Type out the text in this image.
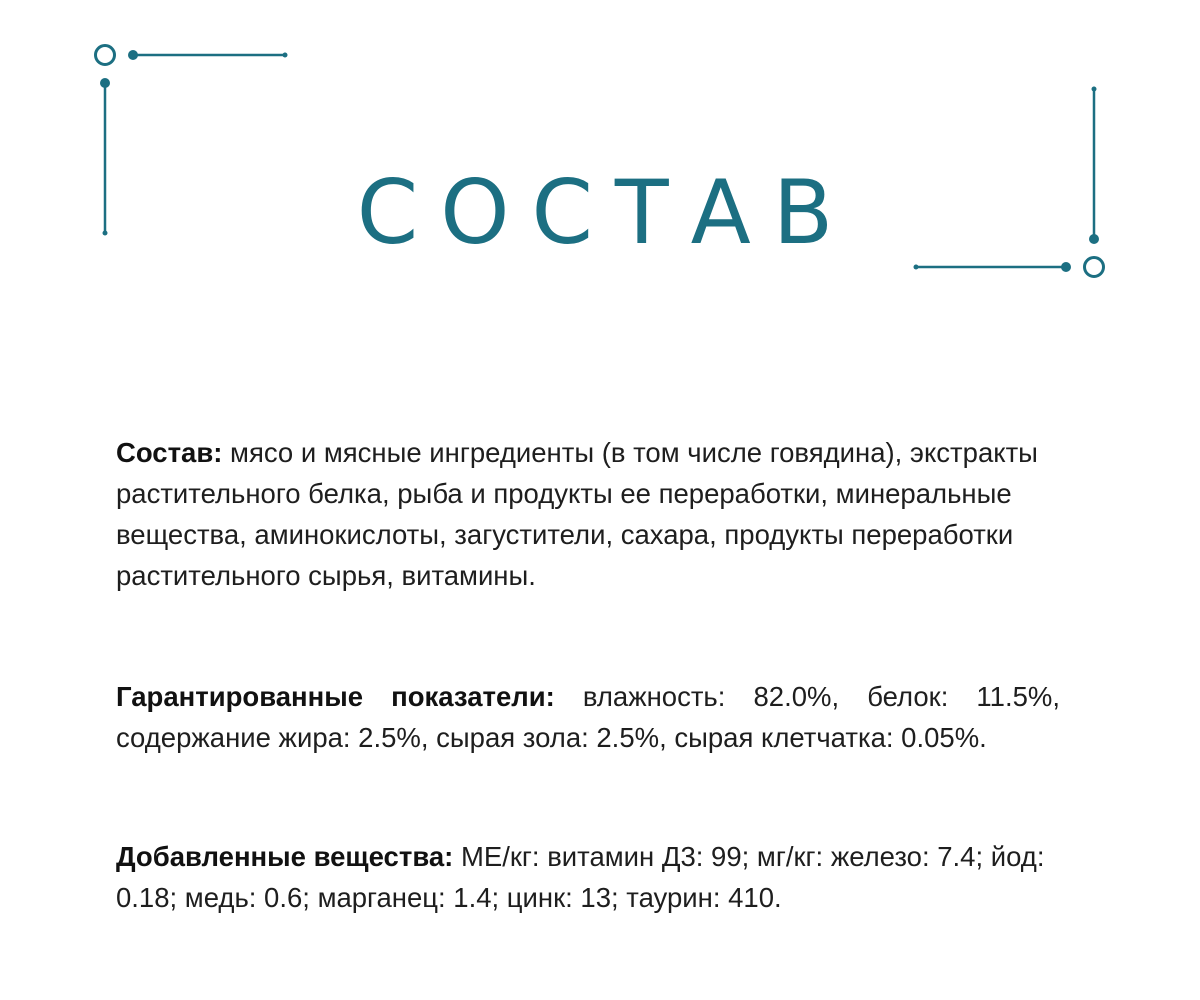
СОСТАВ

Состав: мясо и мясные ингредиенты (в том числе говядина), экстракты растительного белка, рыба и продукты ее переработки, минеральные вещества, аминокислоты, загустители, сахара, продукты переработки растительного сырья, витамины.

Гарантированные показатели: влажность: 82.0%, белок: 11.5%, содержание жира: 2.5%, сырая зола: 2.5%, сырая клетчатка: 0.05%.

Добавленные вещества: МЕ/кг: витамин Д3: 99; мг/кг: железо: 7.4; йод: 0.18; медь: 0.6; марганец: 1.4; цинк: 13; таурин: 410.
